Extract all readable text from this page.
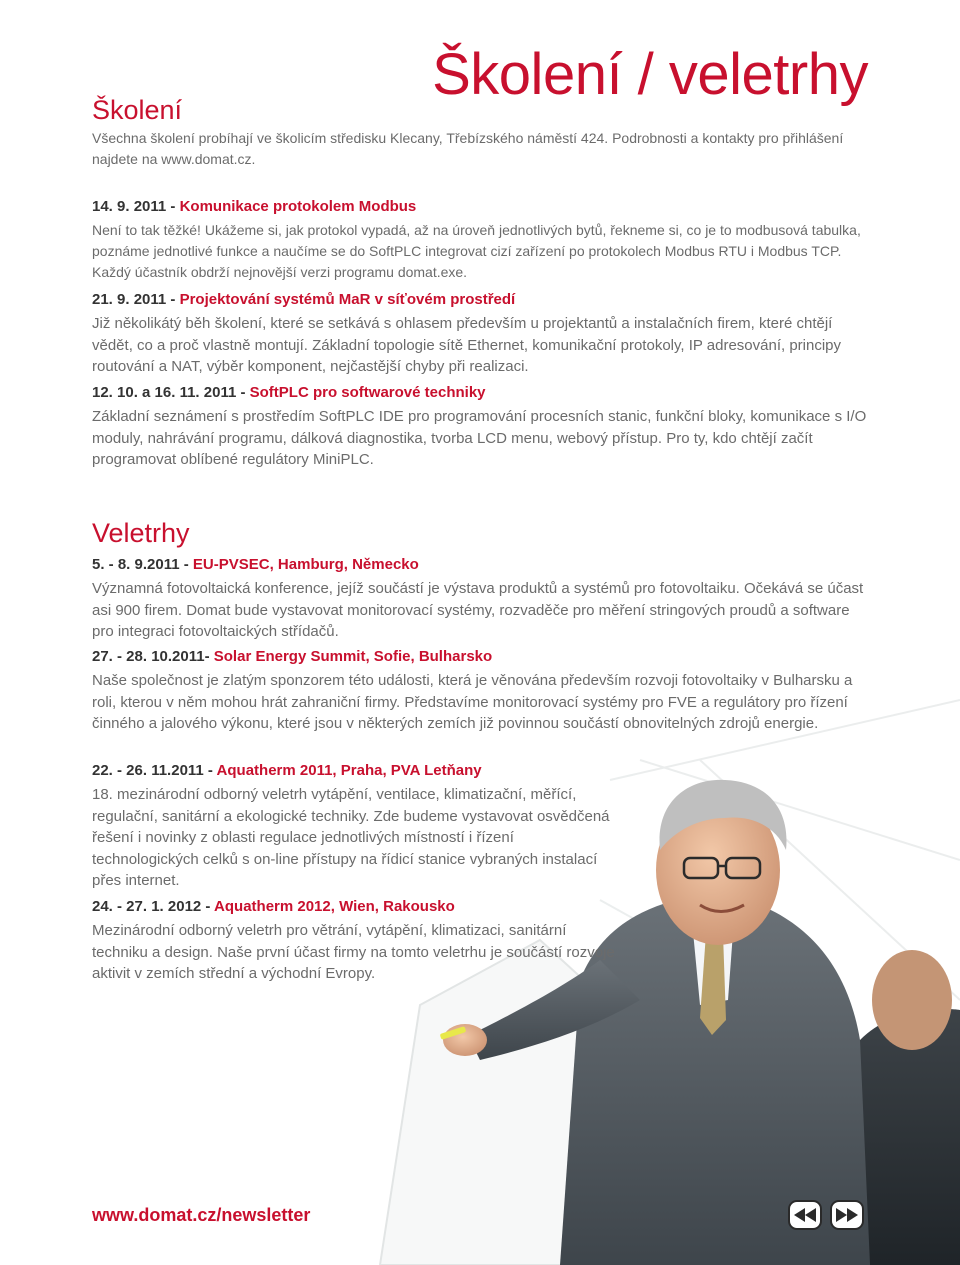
Školení / veletrhy
Školení

Všechna školení probíhají ve školicím středisku Klecany, Třebízského náměstí 424. Podrobnosti a kontakty pro přihlášení najdete na www.domat.cz.

14. 9. 2011 - Komunikace protokolem Modbus

Není to tak těžké! Ukážeme si, jak protokol vypadá, až na úroveň jednotlivých bytů, řekneme si, co je to modbusová tabulka, poznáme jednotlivé funkce a naučíme se do SoftPLC integrovat cizí zařízení po protokolech Modbus RTU i Modbus TCP. Každý účastník obdrží nejnovější verzi programu domat.exe.

21. 9. 2011 - Projektování systémů MaR v síťovém prostředí

Již několikátý běh školení, které se setkává s ohlasem především u projektantů a instalačních firem, které chtějí vědět, co a proč vlastně montují. Základní topologie sítě Ethernet, komunikační protokoly, IP adresování, principy routování a NAT, výběr komponent, nejčastější chyby při realizaci.

12. 10. a 16. 11. 2011 - SoftPLC pro softwarové techniky

Základní seznámení s prostředím SoftPLC IDE pro programování procesních stanic, funkční bloky, komunikace s I/O moduly, nahrávání programu, dálková diagnostika, tvorba LCD menu, webový přístup. Pro ty, kdo chtějí začít programovat oblíbené regulátory MiniPLC.

Veletrhy

5. - 8. 9.2011 - EU-PVSEC, Hamburg, Německo

Významná fotovoltaická konference, jejíž součástí je výstava produktů a systémů pro fotovoltaiku. Očekává se účast asi 900 firem. Domat bude vystavovat monitorovací systémy, rozvaděče pro měření stringových proudů a software pro integraci fotovoltaických střídačů.

27. - 28. 10.2011- Solar Energy Summit, Sofie, Bulharsko

Naše společnost je zlatým sponzorem této události, která je věnována především rozvoji fotovoltaiky v Bulharsku a roli, kterou v něm mohou hrát zahraniční firmy. Představíme monitorovací systémy pro FVE a regulátory pro řízení činného a jalového výkonu, které jsou v některých zemích již povinnou součástí obnovitelných zdrojů energie.

22. - 26. 11.2011 - Aquatherm 2011, Praha, PVA Letňany

18. mezinárodní odborný veletrh vytápění, ventilace, klimatizační, měřící, regulační, sanitární a ekologické techniky. Zde budeme vystavovat osvědčená řešení i novinky z oblasti regulace jednotlivých místností i řízení technologických celků s on-line přístupy na řídicí stanice vybraných instalací přes internet.

24. - 27. 1. 2012 - Aquatherm 2012, Wien, Rakousko

Mezinárodní odborný veletrh pro větrání, vytápění, klimatizaci, sanitární techniku a design. Naše první účast firmy na tomto veletrhu je součástí rozvoje aktivit v zemích střední a východní Evropy.

www.domat.cz/newsletter
